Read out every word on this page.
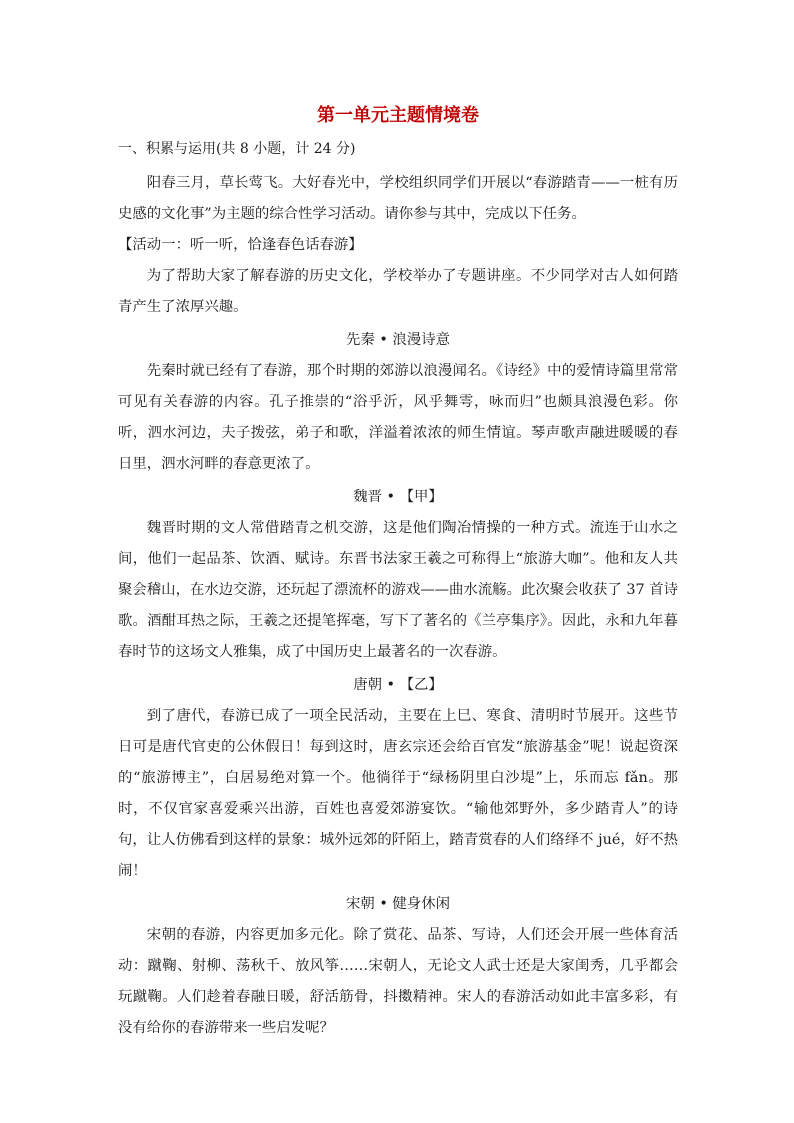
第一单元主题情境卷
一、积累与运用(共 8 小题，计 24 分)

阳春三月，草长莺飞。大好春光中，学校组织同学们开展以“春游踏青——一桩有历史感的文化事”为主题的综合性学习活动。请你参与其中，完成以下任务。

【活动一：听一听，恰逢春色话春游】

为了帮助大家了解春游的历史文化，学校举办了专题讲座。不少同学对古人如何踏青产生了浓厚兴趣。

先秦 • 浪漫诗意

先秦时就已经有了春游，那个时期的郊游以浪漫闻名。《诗经》中的爱情诗篇里常常可见有关春游的内容。孔子推崇的“浴乎沂，风乎舞雩，咏而归”也颇具浪漫色彩。你听，泗水河边，夫子拨弦，弟子和歌，洋溢着浓浓的师生情谊。琴声歌声融进暖暖的春日里，泗水河畔的春意更浓了。

魏晋 • 【甲】

魏晋时期的文人常借踏青之机交游，这是他们陶冶情操的一种方式。流连于山水之间，他们一起品茶、饮酒、赋诗。东晋书法家王羲之可称得上“旅游大咖”。他和友人共聚会稽山，在水边交游，还玩起了漂流杯的游戏——曲水流觞。此次聚会收获了 37 首诗歌。酒酣耳热之际，王羲之还提笔挥毫，写下了著名的《兰亭集序》。因此，永和九年暮春时节的这场文人雅集，成了中国历史上最著名的一次春游。

唐朝 • 【乙】

到了唐代，春游已成了一项全民活动，主要在上巳、寒食、清明时节展开。这些节日可是唐代官吏的公休假日！每到这时，唐玄宗还会给百官发“旅游基金”呢！说起资深的“旅游博主”，白居易绝对算一个。他徜徉于“绿杨阴里白沙堤”上，乐而忘 fǎn。那时，不仅官家喜爱乘兴出游，百姓也喜爱郊游宴饮。“输他郊野外，多少踏青人”的诗句，让人仿佛看到这样的景象：城外远郊的阡陌上，踏青赏春的人们络绎不 jué，好不热闹！

宋朝 • 健身休闲

宋朝的春游，内容更加多元化。除了赏花、品茶、写诗，人们还会开展一些体育活动：蹴鞠、射柳、荡秋千、放风筝……宋朝人，无论文人武士还是大家闺秀，几乎都会玩蹴鞠。人们趁着春融日暖，舒活筋骨，抖擞精神。宋人的春游活动如此丰富多彩，有没有给你的春游带来一些启发呢？
